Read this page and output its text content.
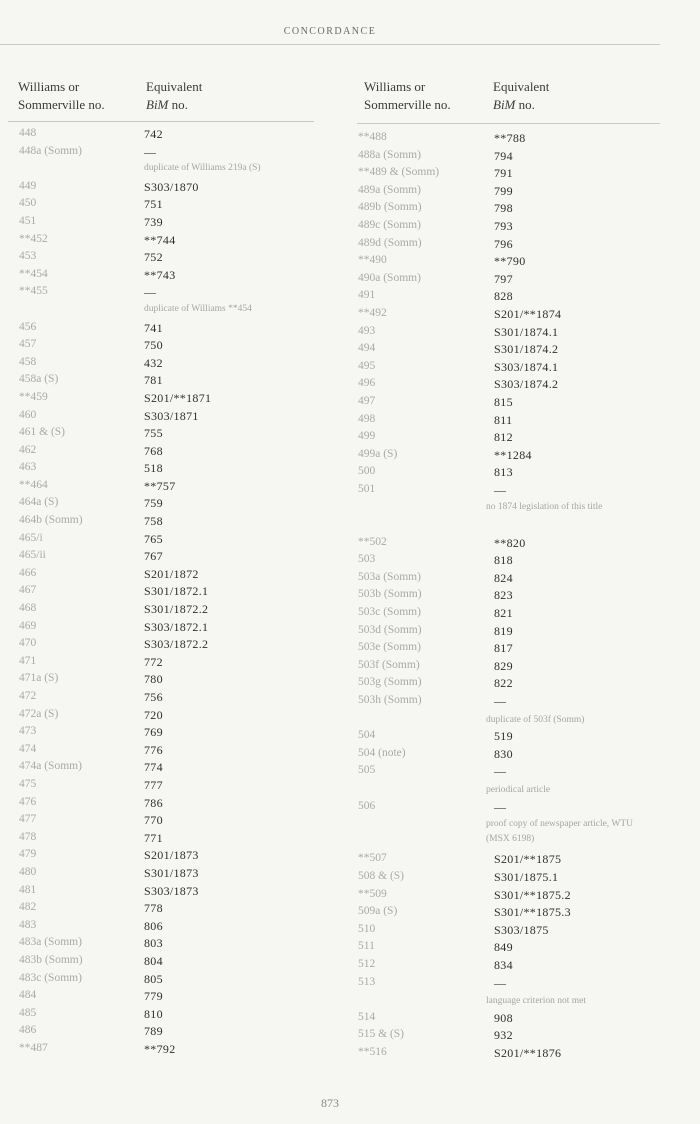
CONCORDANCE
Williams or
Sommerville no.
Equivalent
BiM no.
Williams or
Sommerville no.
Equivalent
BiM no.
448	742
448a (Somm)	—
duplicate of Williams 219a (S)
449	S303/1870
450	751
451	739
**452	**744
453	752
**454	**743
**455	—
duplicate of Williams **454
456	741
457	750
458	432
458a (S)	781
**459	S201/**1871
460	S303/1871
461 & (S)	755
462	768
463	518
**464	**757
464a (S)	759
464b (Somm)	758
465/i	765
465/ii	767
466	S201/1872
467	S301/1872.1
468	S301/1872.2
469	S303/1872.1
470	S303/1872.2
471	772
471a (S)	780
472	756
472a (S)	720
473	769
474	776
474a (Somm)	774
475	777
476	786
477	770
478	771
479	S201/1873
480	S301/1873
481	S303/1873
482	778
483	806
483a (Somm)	803
483b (Somm)	804
483c (Somm)	805
484	779
485	810
486	789
**487	**792
**488	**788
488a (Somm)	794
**489 & (Somm)	791
489a (Somm)	799
489b (Somm)	798
489c (Somm)	793
489d (Somm)	796
**490	**790
490a (Somm)	797
491	828
**492	S201/**1874
493	S301/1874.1
494	S301/1874.2
495	S303/1874.1
496	S303/1874.2
497	815
498	811
499	812
499a (S)	**1284
500	813
501	—
no 1874 legislation of this title
**502	**820
503	818
503a (Somm)	824
503b (Somm)	823
503c (Somm)	821
503d (Somm)	819
503e (Somm)	817
503f (Somm)	829
503g (Somm)	822
503h (Somm)	—
duplicate of 503f (Somm)
504	519
504 (note)	830
505	—
periodical article
506	—
proof copy of newspaper article, WTU (MSX 6198)
**507	S201/**1875
508 & (S)	S301/1875.1
**509	S301/**1875.2
509a (S)	S301/**1875.3
510	S303/1875
511	849
512	834
513	—
language criterion not met
514	908
515 & (S)	932
**516	S201/**1876
873
